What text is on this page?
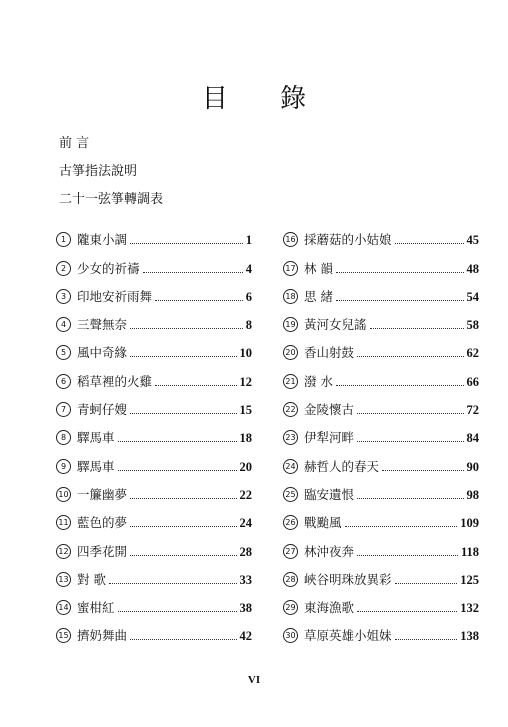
目 錄
前 言
古箏指法說明
二十一弦箏轉調表
1 隴東小調	1
2 少女的祈禱	4
3 印地安祈雨舞	6
4 三聲無奈	8
5 風中奇緣	10
6 稻草裡的火雞	12
7 青蚵仔嫂	15
8 驛馬車	18
9 驛馬車	20
10 一簾幽夢	22
11 藍色的夢	24
12 四季花開	28
13 對 歌	33
14 蜜柑紅	38
15 擠奶舞曲	42
16 採蘑菇的小姑娘	45
17 林 韻	48
18 思 緒	54
19 黃河女兒謠	58
20 香山射鼓	62
21 潑 水	66
22 金陵懷古	72
23 伊犁河畔	84
24 赫哲人的春天	90
25 臨安遺恨	98
26 戰颱風	109
27 林沖夜奔	118
28 峽谷明珠放異彩	125
29 東海漁歌	132
30 草原英雄小姐妹	138
VI
